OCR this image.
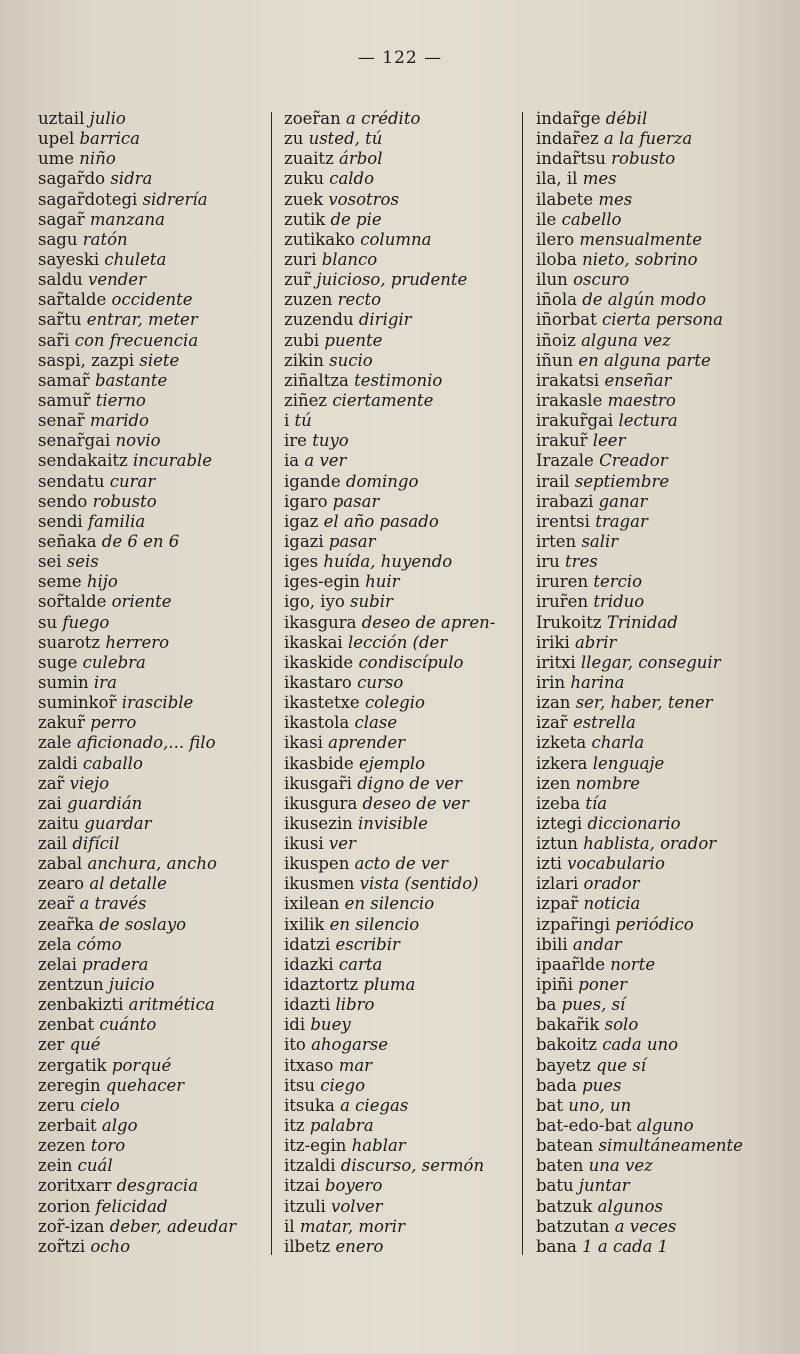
— 122 —
uztail julio
upel barrica
ume niño
sagar̃do sidra
sagar̃dotegi sidrería
sagar̃ manzana
sagu ratón
sayeski chuleta
saldu vender
sar̃talde occidente
sar̃tu entrar, meter
sar̃i con frecuencia
saspi, zazpi siete
samar̃ bastante
samur̃ tierno
senar̃ marido
senar̃gai novio
sendakaitz incurable
sendatu curar
sendo robusto
sendi familia
señaka de 6 en 6
sei seis
seme hijo
sor̃talde oriente
su fuego
suarotz herrero
suge culebra
sumin ira
suminkor̃ irascible
zakur̃ perro
zale aficionado,... filo
zaldi caballo
zar̃ viejo
zai guardián
zaitu guardar
zail difícil
zabal anchura, ancho
zearo al detalle
zear̃ a través
zear̃ka de soslayo
zela cómo
zelai pradera
zentzun juicio
zenbakizti aritmética
zenbat cuánto
zer qué
zergatik porqué
zeregin quehacer
zeru cielo
zerbait algo
zezen toro
zein cuál
zoritxarr desgracia
zorion felicidad
zor̃-izan deber, adeudar
zor̃tzi ocho
zoer̃an a crédito
zu usted, tú
zuaitz árbol
zuku caldo
zuek vosotros
zutik de pie
zutikako columna
zuri blanco
zur̃ juicioso, prudente
zuzen recto
zuzendu dirigir
zubi puente
zikin sucio
ziñaltza testimonio
ziñez ciertamente
i tú
ire tuyo
ia a ver
igande domingo
igaro pasar
igaz el año pasado
igazi pasar
iges huída, huyendo
iges-egin huir
igo, iyo subir
ikasgura deseo de apren-
ikaskai lección (der
ikaskide condiscípulo
ikastaro curso
ikastetxe colegio
ikastola clase
ikasi aprender
ikasbide ejemplo
ikusgar̃i digno de ver
ikusgura deseo de ver
ikusezin invisible
ikusi ver
ikuspen acto de ver
ikusmen vista (sentido)
ixilean en silencio
ixilik en silencio
idatzi escribir
idazki carta
idaztortz pluma
idazti libro
idi buey
ito ahogarse
itxaso mar
itsu ciego
itsuka a ciegas
itz palabra
itz-egin hablar
itzaldi discurso, sermón
itzai boyero
itzuli volver
il matar, morir
ilbetz enero
indar̃ge débil
indar̃ez a la fuerza
indar̃tsu robusto
ila, il mes
ilabete mes
ile cabello
ilero mensualmente
iloba nieto, sobrino
ilun oscuro
iñola de algún modo
iñorbat cierta persona
iñoiz alguna vez
iñun en alguna parte
irakatsi enseñar
irakasle maestro
irakur̃gai lectura
irakur̃ leer
Irazale Creador
irail septiembre
irabazi ganar
irentsi tragar
irten salir
iru tres
iruren tercio
irur̃en triduo
Irukoitz Trinidad
iriki abrir
iritxi llegar, conseguir
irin harina
izan ser, haber, tener
izar̃ estrella
izketa charla
izkera lenguaje
izen nombre
izeba tía
iztegi diccionario
iztun hablista, orador
izti vocabulario
izlari orador
izpar̃ noticia
izpar̃ingi periódico
ibili andar
ipaar̃lde norte
ipiñi poner
ba pues, sí
bakar̃ik solo
bakoitz cada uno
bayetz que sí
bada pues
bat uno, un
bat-edo-bat alguno
batean simultáneamente
baten una vez
batu juntar
batzuk algunos
batzutan a veces
bana 1 a cada 1
